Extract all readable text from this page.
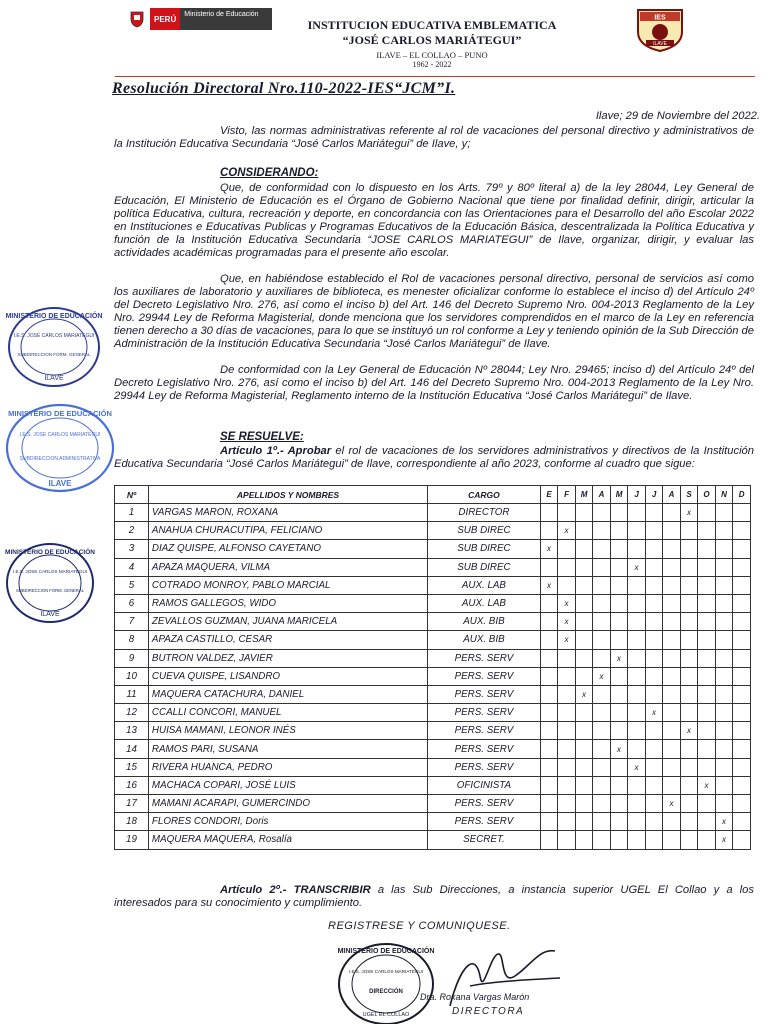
PERÚ	Ministerio de Educación
INSTITUCION EDUCATIVA EMBLEMATICA
“JOSÉ CARLOS MARIÁTEGUI”
ILAVE – EL COLLAO – PUNO
1962 - 2022
IES
ILAVE
Resolución Directoral Nro.110-2022-IES“JCM”I.
Ilave; 29 de Noviembre del 2022.
Visto, las normas administrativas referente al rol de vacaciones del personal directivo y administrativos de la Institución Educativa Secundaria “José Carlos Mariátegui” de Ilave, y;
CONSIDERANDO:
Que, de conformidad con lo dispuesto en los Arts. 79º y 80º literal a) de la ley 28044, Ley General de Educación, El Ministerio de Educación es el Órgano de Gobierno Nacional que tiene por finalidad definir, dirigir, articular la política Educativa, cultura, recreación y deporte, en concordancia con las Orientaciones para el Desarrollo del año Escolar 2022 en Instituciones e Educativas Publicas y Programas Educativos de la Educación Básica, descentralizada la Política Educativa y función de la Institución Educativa Secundaria “JOSE CARLOS MARIATEGUI” de Ilave, organizar, dirigir, y evaluar las actividades académicas programadas para el presente año escolar.
Que, en habiéndose establecido el Rol de vacaciones personal directivo, personal de servicios así como los auxiliares de laboratorio y auxiliares de biblioteca, es menester oficializar conforme lo establece el inciso d) del Artículo 24º del Decreto Legislativo Nro. 276, así como el inciso b) del Art. 146 del Decreto Supremo Nro. 004-2013 Reglamento de la Ley Nro. 29944 Ley de Reforma Magisterial, donde menciona que los servidores comprendidos en el marco de la Ley en referencia tienen derecho a 30 días de vacaciones, para lo que se instituyó un rol conforme a Ley y teniendo opinión de la Sub Dirección de Administración de la Institución Educativa Secundaria “José Carlos Mariátegui” de Ilave.
De conformidad con la Ley General de Educación Nº 28044; Ley Nro. 29465; inciso d) del Artículo 24º del Decreto Legislativo Nro. 276, así como el inciso b) del Art. 146 del Decreto Supremo Nro. 004-2013 Reglamento de la Ley Nro. 29944 Ley de Reforma Magisterial, Reglamento interno de la Institución Educativa “José Carlos Mariátegui” de Ilave.
SE RESUELVE:
Artículo 1º.- Aprobar el rol de vacaciones de los servidores administrativos y directivos de la Institución Educativa Secundaria “José Carlos Mariátegui” de Ilave, correspondiente al año 2023, conforme al cuadro que sigue:
Nº	APELLIDOS Y NOMBRES	CARGO	E	F	M	A	M	J	J	A	S	O	N	D
1	VARGAS MARON, ROXANA	DIRECTOR									x			
2	ANAHUA CHURACUTIPA, FELICIANO	SUB DIREC		x										
3	DIAZ QUISPE, ALFONSO CAYETANO	SUB DIREC	x											
4	APAZA MAQUERA, VILMA	SUB DIREC						x						
5	COTRADO MONROY, PABLO MARCIAL	AUX. LAB	x											
6	RAMOS GALLEGOS, WIDO	AUX. LAB		x										
7	ZEVALLOS GUZMAN, JUANA MARICELA	AUX. BIB		x										
8	APAZA CASTILLO, CESAR	AUX. BIB		x										
9	BUTRON VALDEZ, JAVIER	PERS. SERV					x							
10	CUEVA QUISPE, LISANDRO	PERS. SERV				x								
11	MAQUERA CATACHURA, DANIEL	PERS. SERV			x									
12	CCALLI CONCORI, MANUEL	PERS. SERV							x					
13	HUISA MAMANI, LEONOR INÉS	PERS. SERV									x			
14	RAMOS PARI, SUSANA	PERS. SERV					x							
15	RIVERA HUANCA, PEDRO	PERS. SERV						x						
16	MACHACA COPARI, JOSÉ LUIS	OFICINISTA										x		
17	MAMANI ACARAPI, GUMERCINDO	PERS. SERV								x				
18	FLORES CONDORI, Doris	PERS. SERV											x	
19	MAQUERA MAQUERA, Rosalía	SECRET.											x	
Artículo 2º.- TRANSCRIBIR a las Sub Direcciones, a instancia superior UGEL El Collao y a los interesados para su conocimiento y cumplimiento.
REGISTRESE Y COMUNIQUESE.
MINISTERIO DE EDUCACIÓN
I.E.S. JOSE CARLOS MARIATEGUI
SUBDIRECCION FORM. GENERAL
ILAVE
MINISTERIO DE EDUCACIÓN
I.E.S. JOSE CARLOS MARIATEGUI
SUBDIRECCION ADMINISTRATIVA
ILAVE
MINISTERIO DE EDUCACIÓN
I.E.S. JOSE CARLOS MARIATEGUI
SUBDIRECCION FORM. GENERAL
ILAVE
MINISTERIO DE EDUCACIÓN
I.E.S. JOSE CARLOS MARIATEGUI
DIRECCIÓN
UGEL EL COLLAO
Dra. Roxana Vargas Marón
DIRECTORA
